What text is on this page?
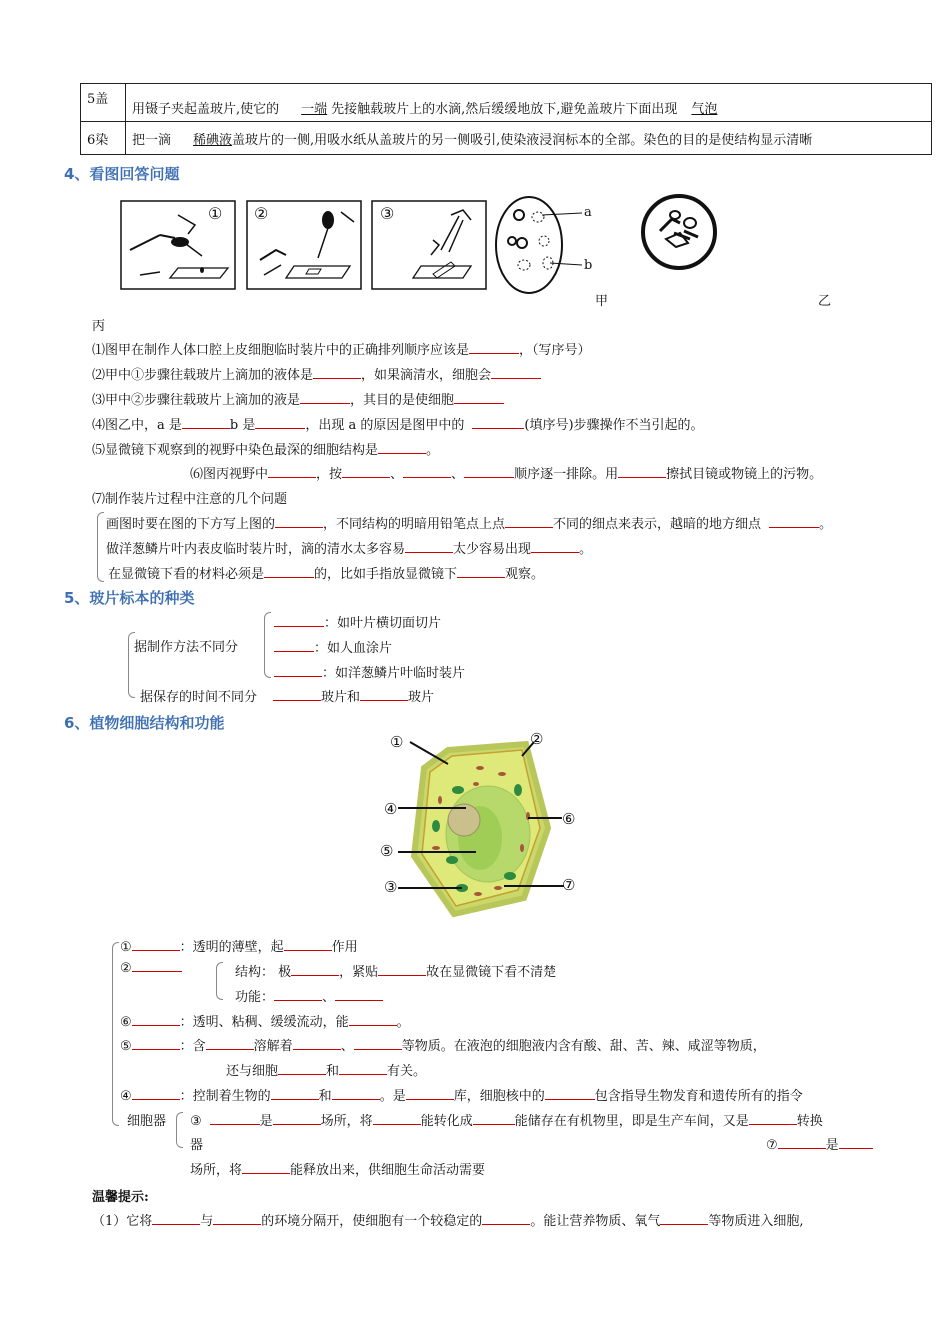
5盖	用镊子夹起盖玻片,使它的 一端 先接触载玻片上的水滴,然后缓缓地放下,避免盖玻片下面出现 气泡
6染	把一滴 稀碘液盖玻片的一侧,用吸水纸从盖玻片的另一侧吸引,使染液浸润标本的全部。染色的目的是使结构显示清晰
4、看图回答问题
① ②	③	a
b
甲	乙
丙
⑴图甲在制作人体口腔上皮细胞临时装片中的正确排列顺序应该是	，（写序号）
⑵甲中①步骤往载玻片上滴加的液体是	，如果滴清水，细胞会
⑶甲中②步骤往载玻片上滴加的液是	，其目的是使细胞
⑷图乙中，a 是	b 是	，出现 a 的原因是图甲中的	(填序号)步骤操作不当引起的。
⑸显微镜下观察到的视野中染色最深的细胞结构是	。
⑹图丙视野中	，按	、	、	顺序逐一排除。用	擦拭目镜或物镜上的污物。
⑺制作装片过程中注意的几个问题
画图时要在图的下方写上图的	，不同结构的明暗用铅笔点上点	不同的细点来表示，越暗的地方细点	。
做洋葱鳞片叶内表皮临时装片时，滴的清水太多容易	太少容易出现	。
在显微镜下看的材料必须是	的，比如手指放显微镜下	观察。
5、玻片标本的种类
据制作方法不同分
：如叶片横切面切片
：如人血涂片
：如洋葱鳞片叶临时装片
据保存的时间不同分	玻片和	玻片
6、植物细胞结构和功能
①	②
③
④
⑤
⑥
⑦
①	：透明的薄壁，起	作用
②	结构： 极	，紧贴	故在显微镜下看不清楚
功能：	、
⑥	：透明、粘稠、缓缓流动，能	。
⑤	：含	溶解着	、	等物质。在液泡的细胞液内含有酸、甜、苦、辣、咸涩等物质，
还与细胞	和	有关。
④	：控制着生物的	和	。是	库，细胞核中的	包含指导生物发育和遗传所有的指令
细胞器 ③	是	场所，将	能转化成	能储存在有机物里，即是生产车间，又是	转换
器	⑦	是
场所，将	能释放出来，供细胞生命活动需要
温馨提示:
（1）它将	与	的环境分隔开，使细胞有一个较稳定的	。能让营养物质、氧气	等物质进入细胞,
